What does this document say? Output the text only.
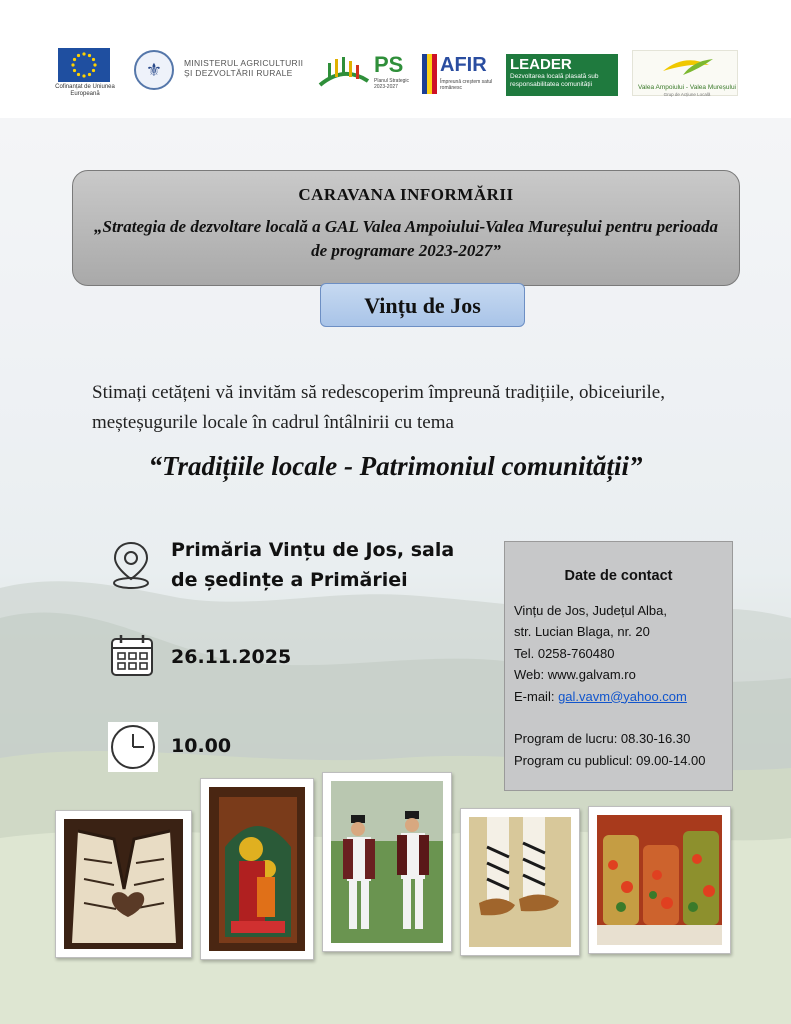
Cofinanțat de Uniunea Europeană
⚜	MINISTERUL AGRICULTURII ȘI DEZVOLTĂRII RURALE	PS
Planul Strategic 2023-2027
AFIR
Împreună creștem satul românesc
LEADER
Dezvoltarea locală plasată sub responsabilitatea comunității	Valea Ampoiului - Valea Mureșului
Grup de Acțiune Locală
CARAVANA INFORMĂRII
„Strategia de dezvoltare locală a GAL Valea Ampoiului-Valea Mureșului pentru perioada de programare 2023-2027”
Vințu de Jos
Stimați cetățeni vă invităm să redescoperim împreună tradițiile, obiceiurile, meșteșugurile locale în cadrul întâlnirii cu tema
“Tradițiile locale - Patrimoniul comunității”
Primăria Vințu de Jos, sala
de ședințe a Primăriei
26.11.2025
10.00
Date de contact
Vințu de Jos, Județul Alba,
str. Lucian Blaga, nr. 20
Tel. 0258-760480
Web: www.galvam.ro
E-mail: gal.vavm@yahoo.com
Program de lucru: 08.30-16.30
Program cu publicul: 09.00-14.00
